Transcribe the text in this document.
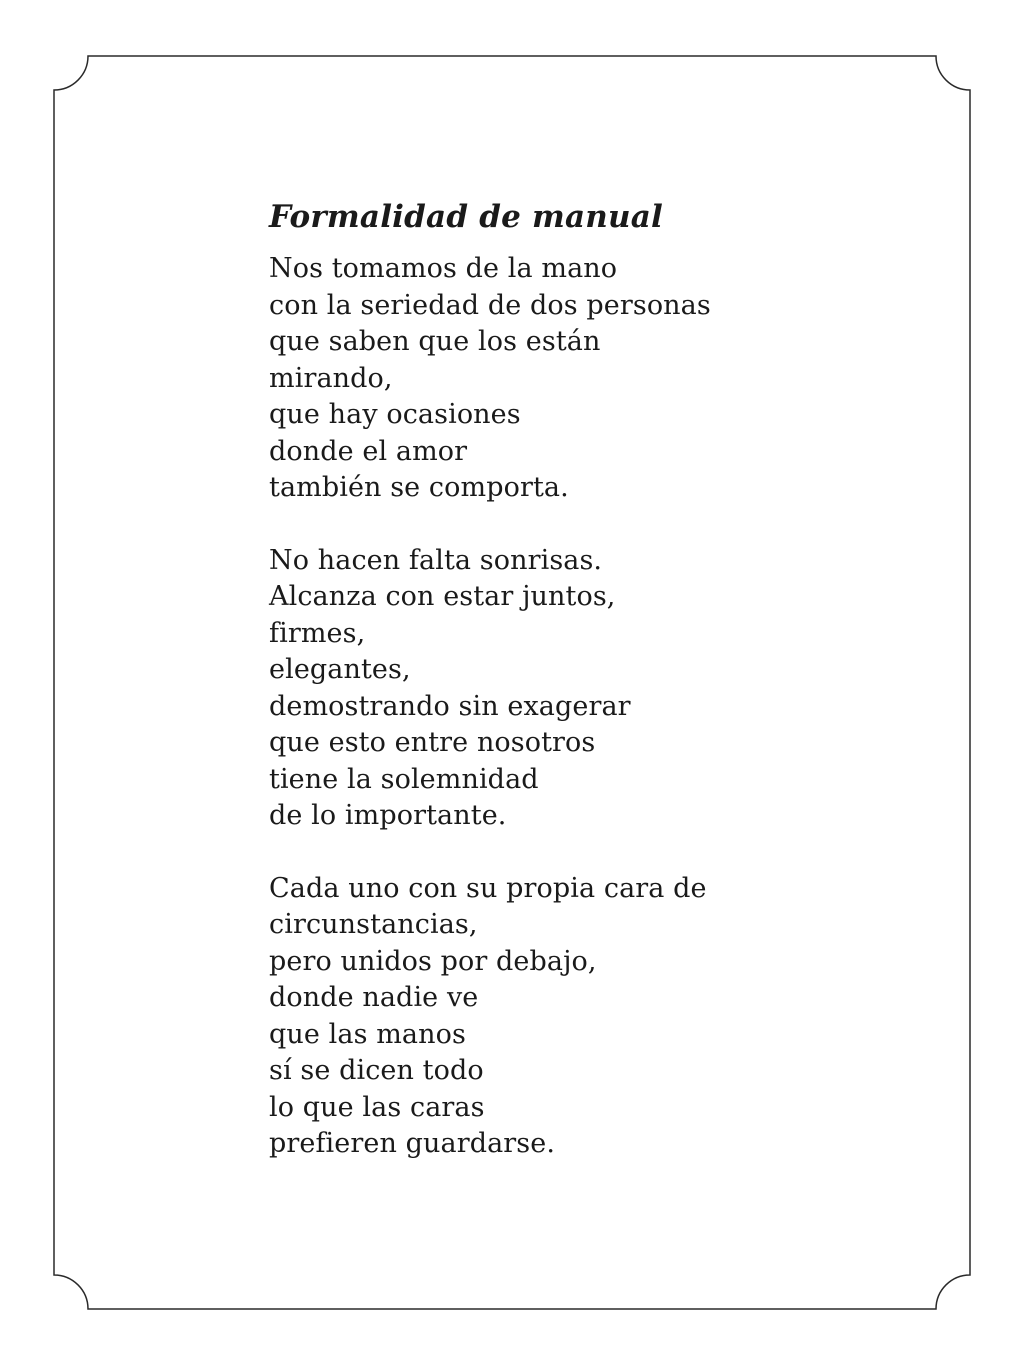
Formalidad de manual
Nos tomamos de la mano
con la seriedad de dos personas
que saben que los están
mirando,
que hay ocasiones
donde el amor
también se comporta.
No hacen falta sonrisas.
Alcanza con estar juntos,
firmes,
elegantes,
demostrando sin exagerar
que esto entre nosotros
tiene la solemnidad
de lo importante.
Cada uno con su propia cara de
circunstancias,
pero unidos por debajo,
donde nadie ve
que las manos
sí se dicen todo
lo que las caras
prefieren guardarse.
